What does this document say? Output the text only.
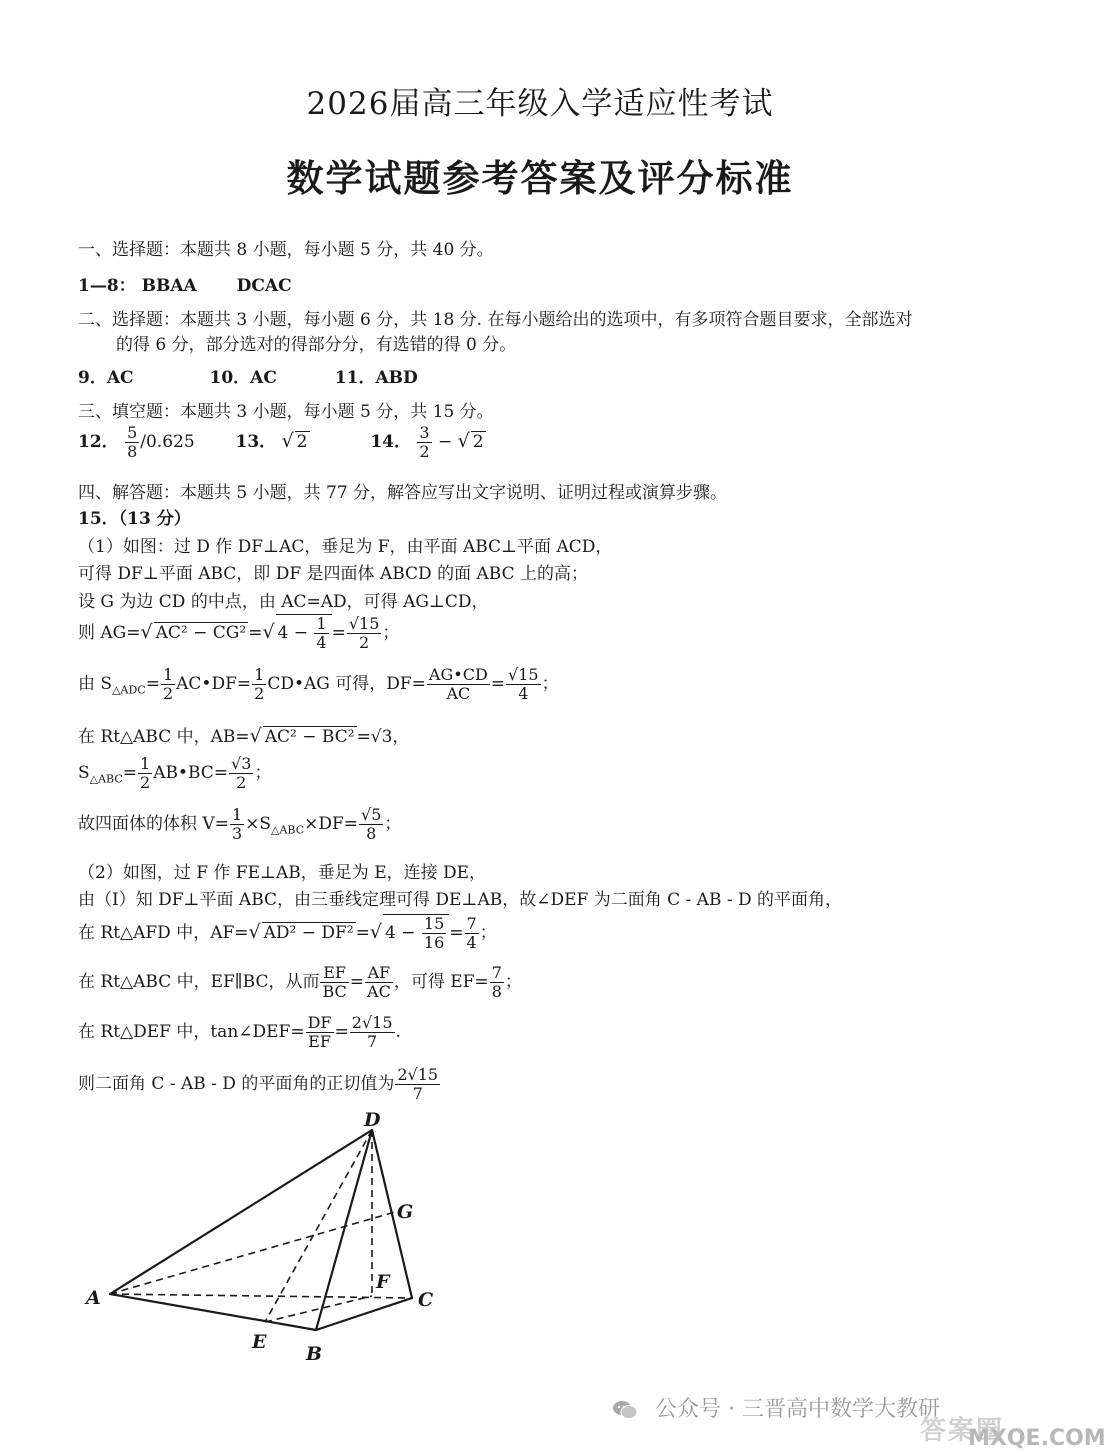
2026届高三年级入学适应性考试
数学试题参考答案及评分标准
一、选择题：本题共 8 小题，每小题 5 分，共 40 分。
1—8： BBAA DCAC
二、选择题：本题共 3 小题，每小题 6 分，共 18 分. 在每小题给出的选项中，有多项符合题目要求，全部选对
的得 6 分，部分选对的得部分分，有选错的得 0 分。
9．AC	10．AC	11．ABD
三、填空题：本题共 3 小题，每小题 5 分，共 15 分。
12． $\frac{5}{8} /0.625$ 13． √ 2	14． $\frac{3}{2}$ − √ 2
四、解答题：本题共 5 小题，共 77 分，解答应写出文字说明、证明过程或演算步骤。
15．（13 分）
（1）如图：过 D 作 DF⊥AC，垂足为 F，由平面 ABC⊥平面 ACD，
可得 DF⊥平面 ABC，即 DF 是四面体 ABCD 的面 ABC 上的高；
设 G 为边 CD 的中点，由 AC=AD，可得 AG⊥CD，
则 AG=√ AC² − CG² =√ $4 - \frac{1}{4} = \frac{√15}{2}$ ；
由 $S_{\triangle ADC}= \frac{1}{2}$ AC•DF= $\frac{1}{2}$ CD•AG 可得，$DF= \frac{AG•CD}{AC} = \frac{√15}{4}$ ；
在 Rt△ABC 中，AB=√ AC² − BC² =√3，
$S_{\triangle ABC}= \frac{1}{2}$ AB•BC= $\frac{√3}{2}$ ；
故四面体的体积 $V= \frac{1}{3} \times S_{\triangle ABC}\times DF= \frac{√5}{8}$ ；
（2）如图，过 F 作 FE⊥AB，垂足为 E，连接 DE，
由（Ⅰ）知 DF⊥平面 ABC，由三垂线定理可得 DE⊥AB，故∠DEF 为二面角 C - AB - D 的平面角，
在 Rt△AFD 中，AF=√ AD² − DF² =√ $4 - \frac{15}{16} = \frac{7}{4}$ ；
在 Rt△ABC 中，EF∥BC，从而 $\frac{EF}{BC} = \frac{AF}{AC}$ ，可得 $EF= \frac{7}{8}$ ；
在 Rt△DEF 中，tan∠DEF= $\frac{DF}{EF} = \frac{2√15}{7}$ .
则二面角 C - AB - D 的平面角的正切值为 $\frac{2√15}{7}$
D
G
F
A	C
E
B
公众号 · 三晋高中数学大教研
答案圈
MXQE.COM
